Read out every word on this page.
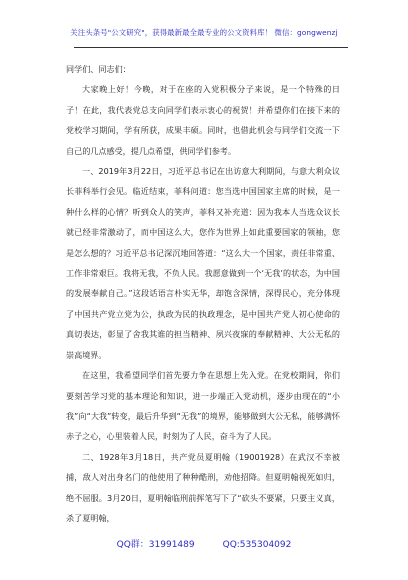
关注头条号"公文研究"，获得最新最全最专业的公文资料库！ 微信：gongwenzj

同学们、同志们：

大家晚上好！今晚，对于在座的入党积极分子来说，是一个特殊的日子！在此，我代表党总支向同学们表示衷心的祝贺！并希望你们在接下来的党校学习期间，学有所获，成果丰硕。同时，也借此机会与同学们交流一下自己的几点感受，提几点希望，供同学们参考。

一、2019年3月22日，习近平总书记在出访意大利期间，与意大利众议长菲科举行会见。临近结束，菲科问道：您当选中国国家主席的时候，是一种什么样的心情？听到众人的笑声，菲科又补充道：因为我本人当选众议长就已经非常激动了，而中国这么大，您作为世界上如此重要国家的领袖，您是怎么想的？习近平总书记深沉地回答道：“这么大一个国家，责任非常重、工作非常艰巨。我将无我，不负人民。我愿意做到一个‘无我’的状态，为中国的发展奉献自己。”这段话语言朴实无华，却饱含深情，深得民心，充分体现了中国共产党立党为公，执政为民的执政理念，是中国共产党人初心使命的真切表达，彰显了舍我其谁的担当精神、夙兴夜寐的奉献精神、大公无私的崇高境界。

在这里，我希望同学们首先要力争在思想上先入党。在党校期间，你们要刻苦学习党的基本理论和知识，进一步端正入党动机，逐步由现在的“小我”向“大我”转变，最后升华到“无我”的境界，能够做到大公无私，能够满怀赤子之心，心里装着人民，时刻为了人民，奋斗为了人民。

二、1928年3月18日，共产党员夏明翰（19001928）在武汉不幸被捕，敌人对出身名门的他使用了种种酷刑，劝他招降。但夏明翰视死如归，绝不屈服。3月20日，夏明翰临刑前挥笔写下了“砍头不要紧，只要主义真，杀了夏明翰，

QQ群：31991489	QQ:535304092
